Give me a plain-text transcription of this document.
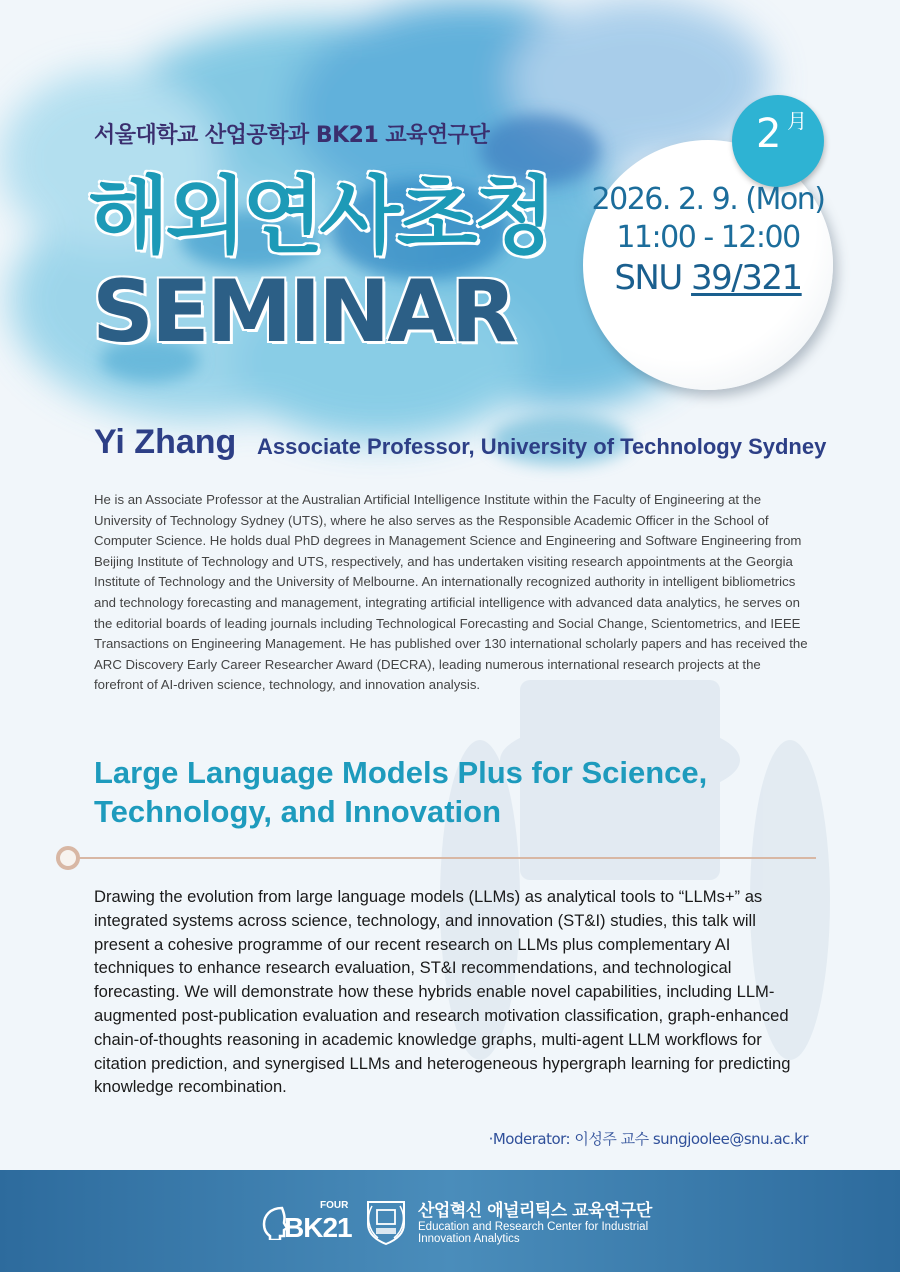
서울대학교 산업공학과 BK21 교육연구단
해외연사초청
SEMINAR
2 月
2026. 2. 9. (Mon)
11:00 - 12:00
SNU 39/321
Yi Zhang Associate Professor, University of Technology Sydney
He is an Associate Professor at the Australian Artificial Intelligence Institute within the Faculty of Engineering at the University of Technology Sydney (UTS), where he also serves as the Responsible Academic Officer in the School of Computer Science. He holds dual PhD degrees in Management Science and Engineering and Software Engineering from Beijing Institute of Technology and UTS, respectively, and has undertaken visiting research appointments at the Georgia Institute of Technology and the University of Melbourne. An internationally recognized authority in intelligent bibliometrics and technology forecasting and management, integrating artificial intelligence with advanced data analytics, he serves on the editorial boards of leading journals including Technological Forecasting and Social Change, Scientometrics, and IEEE Transactions on Engineering Management. He has published over 130 international scholarly papers and has received the ARC Discovery Early Career Researcher Award (DECRA), leading numerous international research projects at the forefront of AI-driven science, technology, and innovation analysis.
Large Language Models Plus for Science, Technology, and Innovation
Drawing the evolution from large language models (LLMs) as analytical tools to “LLMs+” as integrated systems across science, technology, and innovation (ST&I) studies, this talk will present a cohesive programme of our recent research on LLMs plus complementary AI techniques to enhance research evaluation, ST&I recommendations, and technological forecasting. We will demonstrate how these hybrids enable novel capabilities, including LLM-augmented post-publication evaluation and research motivation classification, graph-enhanced chain-of-thoughts reasoning in academic knowledge graphs, multi-agent LLM workflows for citation prediction, and synergised LLMs and heterogeneous hypergraph learning for predicting knowledge recombination.
·Moderator: 이성주 교수 sungjoolee@snu.ac.kr
FOUR
BK21
산업혁신 애널리틱스 교육연구단
Education and Research Center for Industrial Innovation Analytics
